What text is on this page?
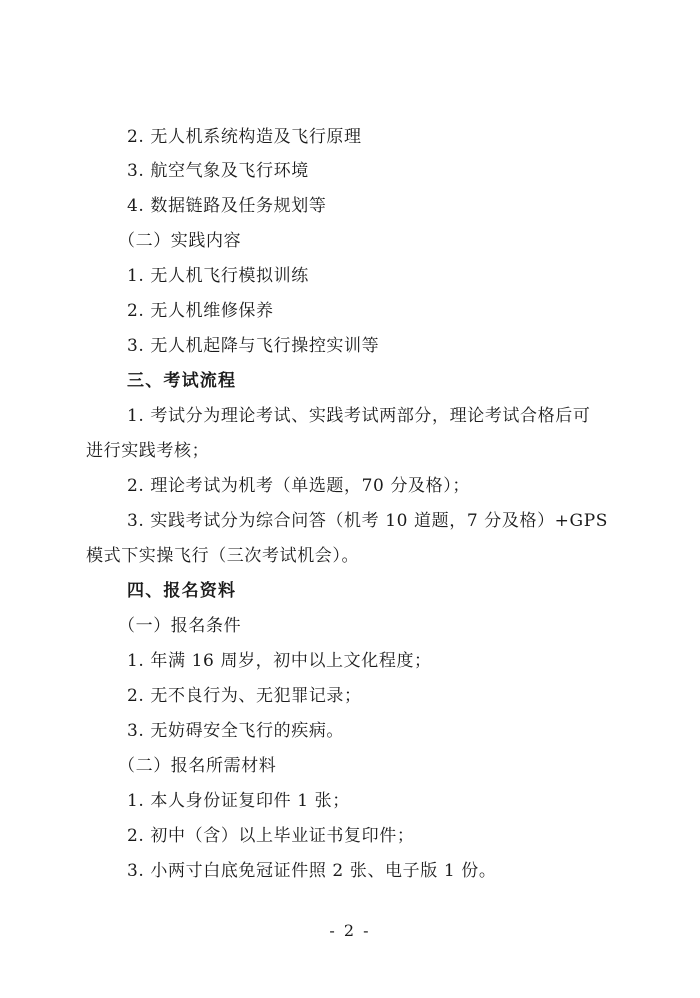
2. 无人机系统构造及飞行原理
3. 航空气象及飞行环境
4. 数据链路及任务规划等
（二）实践内容
1. 无人机飞行模拟训练
2. 无人机维修保养
3. 无人机起降与飞行操控实训等
三、考试流程
1. 考试分为理论考试、实践考试两部分，理论考试合格后可
进行实践考核；
2. 理论考试为机考（单选题，70 分及格）；
3. 实践考试分为综合问答（机考 10 道题，7 分及格）+GPS
模式下实操飞行（三次考试机会）。
四、报名资料
（一）报名条件
1. 年满 16 周岁，初中以上文化程度；
2. 无不良行为、无犯罪记录；
3. 无妨碍安全飞行的疾病。
（二）报名所需材料
1. 本人身份证复印件 1 张；
2. 初中（含）以上毕业证书复印件；
3. 小两寸白底免冠证件照 2 张、电子版 1 份。
- 2 -
